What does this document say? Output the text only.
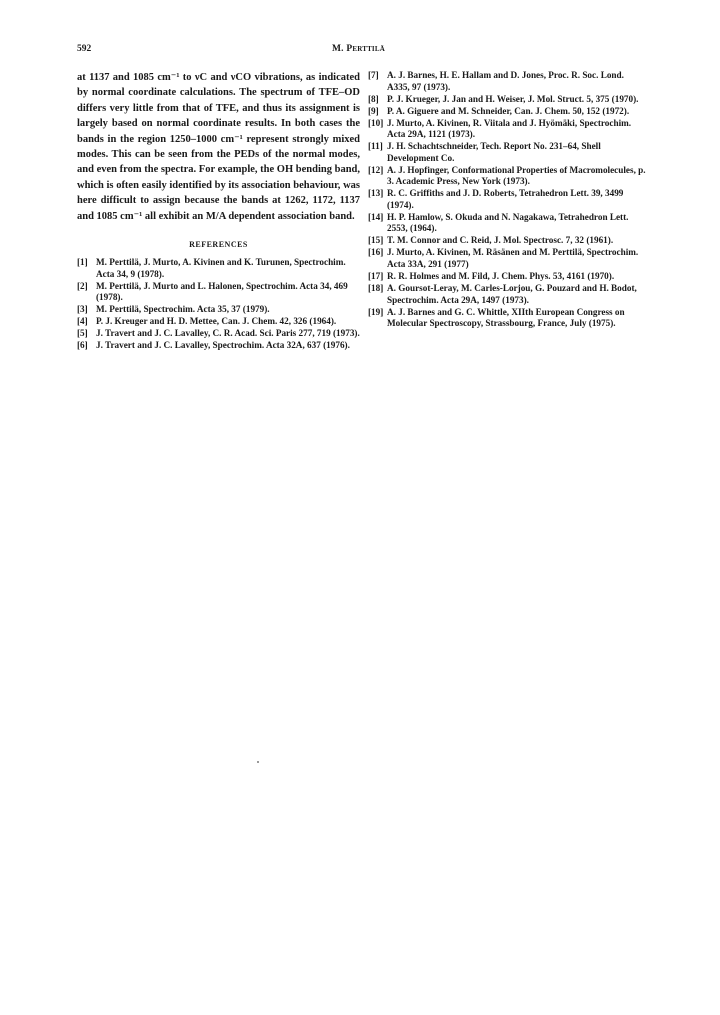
592	M. Perttilä

at 1137 and 1085 cm⁻¹ to νC and νCO vibrations, as indicated by normal coordinate calculations. The spectrum of TFE–OD differs very little from that of TFE, and thus its assignment is largely based on normal coordinate results. In both cases the bands in the region 1250–1000 cm⁻¹ represent strongly mixed modes. This can be seen from the PEDs of the normal modes, and even from the spectra. For example, the OH bending band, which is often easily identified by its association behaviour, was here difficult to assign because the bands at 1262, 1172, 1137 and 1085 cm⁻¹ all exhibit an M/A dependent association band.

REFERENCES

[1] M. Perttilä, J. Murto, A. Kivinen and K. Turunen, Spectrochim. Acta 34, 9 (1978).

[2] M. Perttilä, J. Murto and L. Halonen, Spectrochim. Acta 34, 469 (1978).

[3] M. Perttilä, Spectrochim. Acta 35, 37 (1979).

[4] P. J. Kreuger and H. D. Mettee, Can. J. Chem. 42, 326 (1964).

[5] J. Travert and J. C. Lavalley, C. R. Acad. Sci. Paris 277, 719 (1973).

[6] J. Travert and J. C. Lavalley, Spectrochim. Acta 32A, 637 (1976).

[7] A. J. Barnes, H. E. Hallam and D. Jones, Proc. R. Soc. Lond. A335, 97 (1973).

[8] P. J. Krueger, J. Jan and H. Weiser, J. Mol. Struct. 5, 375 (1970).

[9] P. A. Giguere and M. Schneider, Can. J. Chem. 50, 152 (1972).

[10] J. Murto, A. Kivinen, R. Viitala and J. Hyömäki, Spectrochim. Acta 29A, 1121 (1973).

[11] J. H. Schachtschneider, Tech. Report No. 231–64, Shell Development Co.

[12] A. J. Hopfinger, Conformational Properties of Macromolecules, p. 3. Academic Press, New York (1973).

[13] R. C. Griffiths and J. D. Roberts, Tetrahedron Lett. 39, 3499 (1974).

[14] H. P. Hamlow, S. Okuda and N. Nagakawa, Tetrahedron Lett. 2553, (1964).

[15] T. M. Connor and C. Reid, J. Mol. Spectrosc. 7, 32 (1961).

[16] J. Murto, A. Kivinen, M. Räsänen and M. Perttilä, Spectrochim. Acta 33A, 291 (1977)

[17] R. R. Holmes and M. Fild, J. Chem. Phys. 53, 4161 (1970).

[18] A. Goursot-Leray, M. Carles-Lorjou, G. Pouzard and H. Bodot, Spectrochim. Acta 29A, 1497 (1973).

[19] A. J. Barnes and G. C. Whittle, XIIth European Congress on Molecular Spectroscopy, Strassbourg, France, July (1975).
